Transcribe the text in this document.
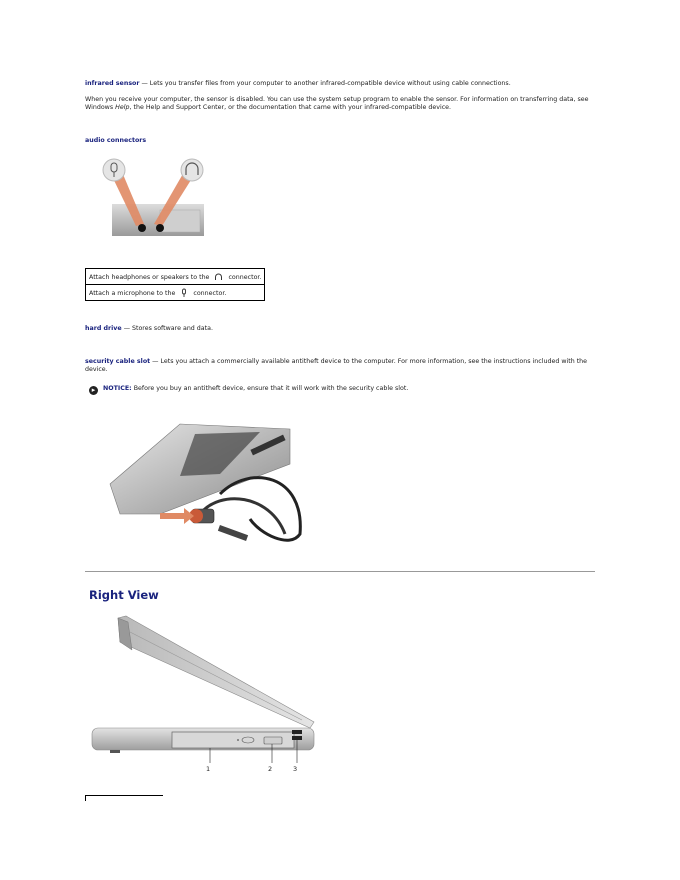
infrared sensor — Lets you transfer files from your computer to another infrared-compatible device without using cable connections.
When you receive your computer, the sensor is disabled. You can use the system setup program to enable the sensor. For information on transferring data, see Windows Help, the Help and Support Center, or the documentation that came with your infrared-compatible device.
audio connectors
Attach headphones or speakers to the	connector.
Attach a microphone to the	connector.
hard drive — Stores software and data.
security cable slot — Lets you attach a commercially available antitheft device to the computer. For more information, see the instructions included with the device.
▸	NOTICE: Before you buy an antitheft device, ensure that it will work with the security cable slot.
Right View
1	2	3
